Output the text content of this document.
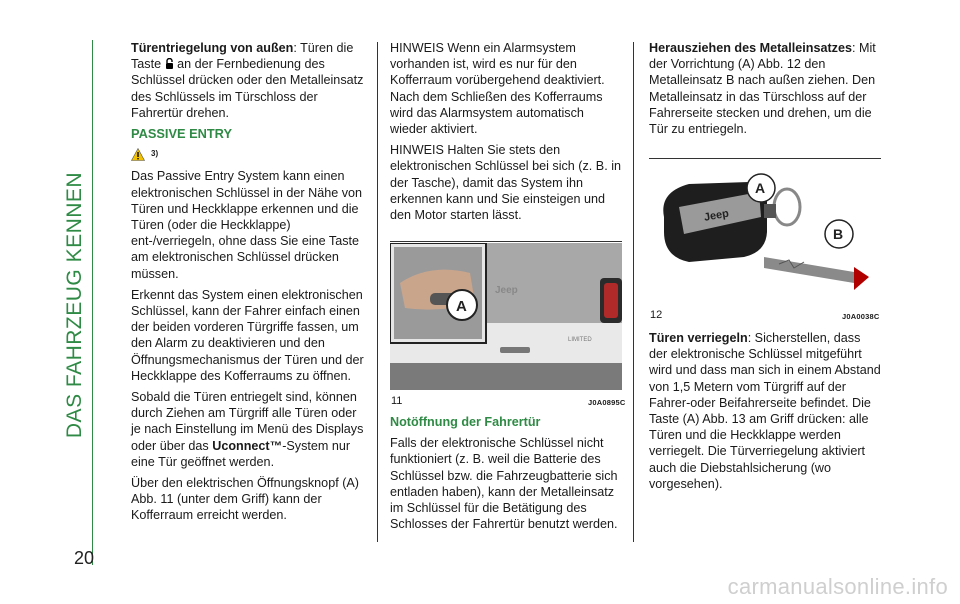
DAS FAHRZEUG KENNEN
20

Türentriegelung von außen: Türen die Taste  an der Fernbedienung des Schlüssel drücken oder den Metalleinsatz des Schlüssels im Türschloss der Fahrertür drehen.

PASSIVE ENTRY
3)

Das Passive Entry System kann einen elektronischen Schlüssel in der Nähe von Türen und Heckklappe erkennen und die Türen (oder die Heckklappe) ent-/verriegeln, ohne dass Sie eine Taste am elektronischen Schlüssel drücken müssen.

Erkennt das System einen elektronischen Schlüssel, kann der Fahrer einfach einen der beiden vorderen Türgriffe fassen, um den Alarm zu deaktivieren und den Öffnungsmechanismus der Türen und der Heckklappe des Kofferraums zu öffnen.

Sobald die Türen entriegelt sind, können durch Ziehen am Türgriff alle Türen oder je nach Einstellung im Menü des Displays oder über das Uconnect™-System nur eine Tür geöffnet werden.

Über den elektrischen Öffnungsknopf (A) Abb. 11 (unter dem Griff) kann der Kofferraum erreicht werden.

HINWEIS Wenn ein Alarmsystem vorhanden ist, wird es nur für den Kofferraum vorübergehend deaktiviert. Nach dem Schließen des Kofferraums wird das Alarmsystem automatisch wieder aktiviert.

HINWEIS Halten Sie stets den elektronischen Schlüssel bei sich (z. B. in der Tasche), damit das System ihn erkennen kann und Sie einsteigen und den Motor starten lässt.

Jeep
LIMITED
A
11	J0A0895C

Notöffnung der Fahrertür

Falls der elektronische Schlüssel nicht funktioniert (z. B. weil die Batterie des Schlüssel bzw. die Fahrzeugbatterie sich entladen haben), kann der Metalleinsatz im Schlüssel für die Betätigung des Schlosses der Fahrertür benutzt werden.

Herausziehen des Metalleinsatzes: Mit der Vorrichtung (A) Abb. 12 den Metalleinsatz B nach außen ziehen. Den Metalleinsatz in das Türschloss auf der Fahrerseite stecken und drehen, um die Tür zu entriegeln.

Jeep
A
B
12	J0A0038C

Türen verriegeln: Sicherstellen, dass der elektronische Schlüssel mitgeführt wird und dass man sich in einem Abstand von 1,5 Metern vom Türgriff auf der Fahrer-oder Beifahrerseite befindet. Die Taste (A) Abb. 13 am Griff drücken: alle Türen und die Heckklappe werden verriegelt. Die Türverriegelung aktiviert auch die Diebstahlsicherung (wo vorgesehen).

carmanualsonline.info
